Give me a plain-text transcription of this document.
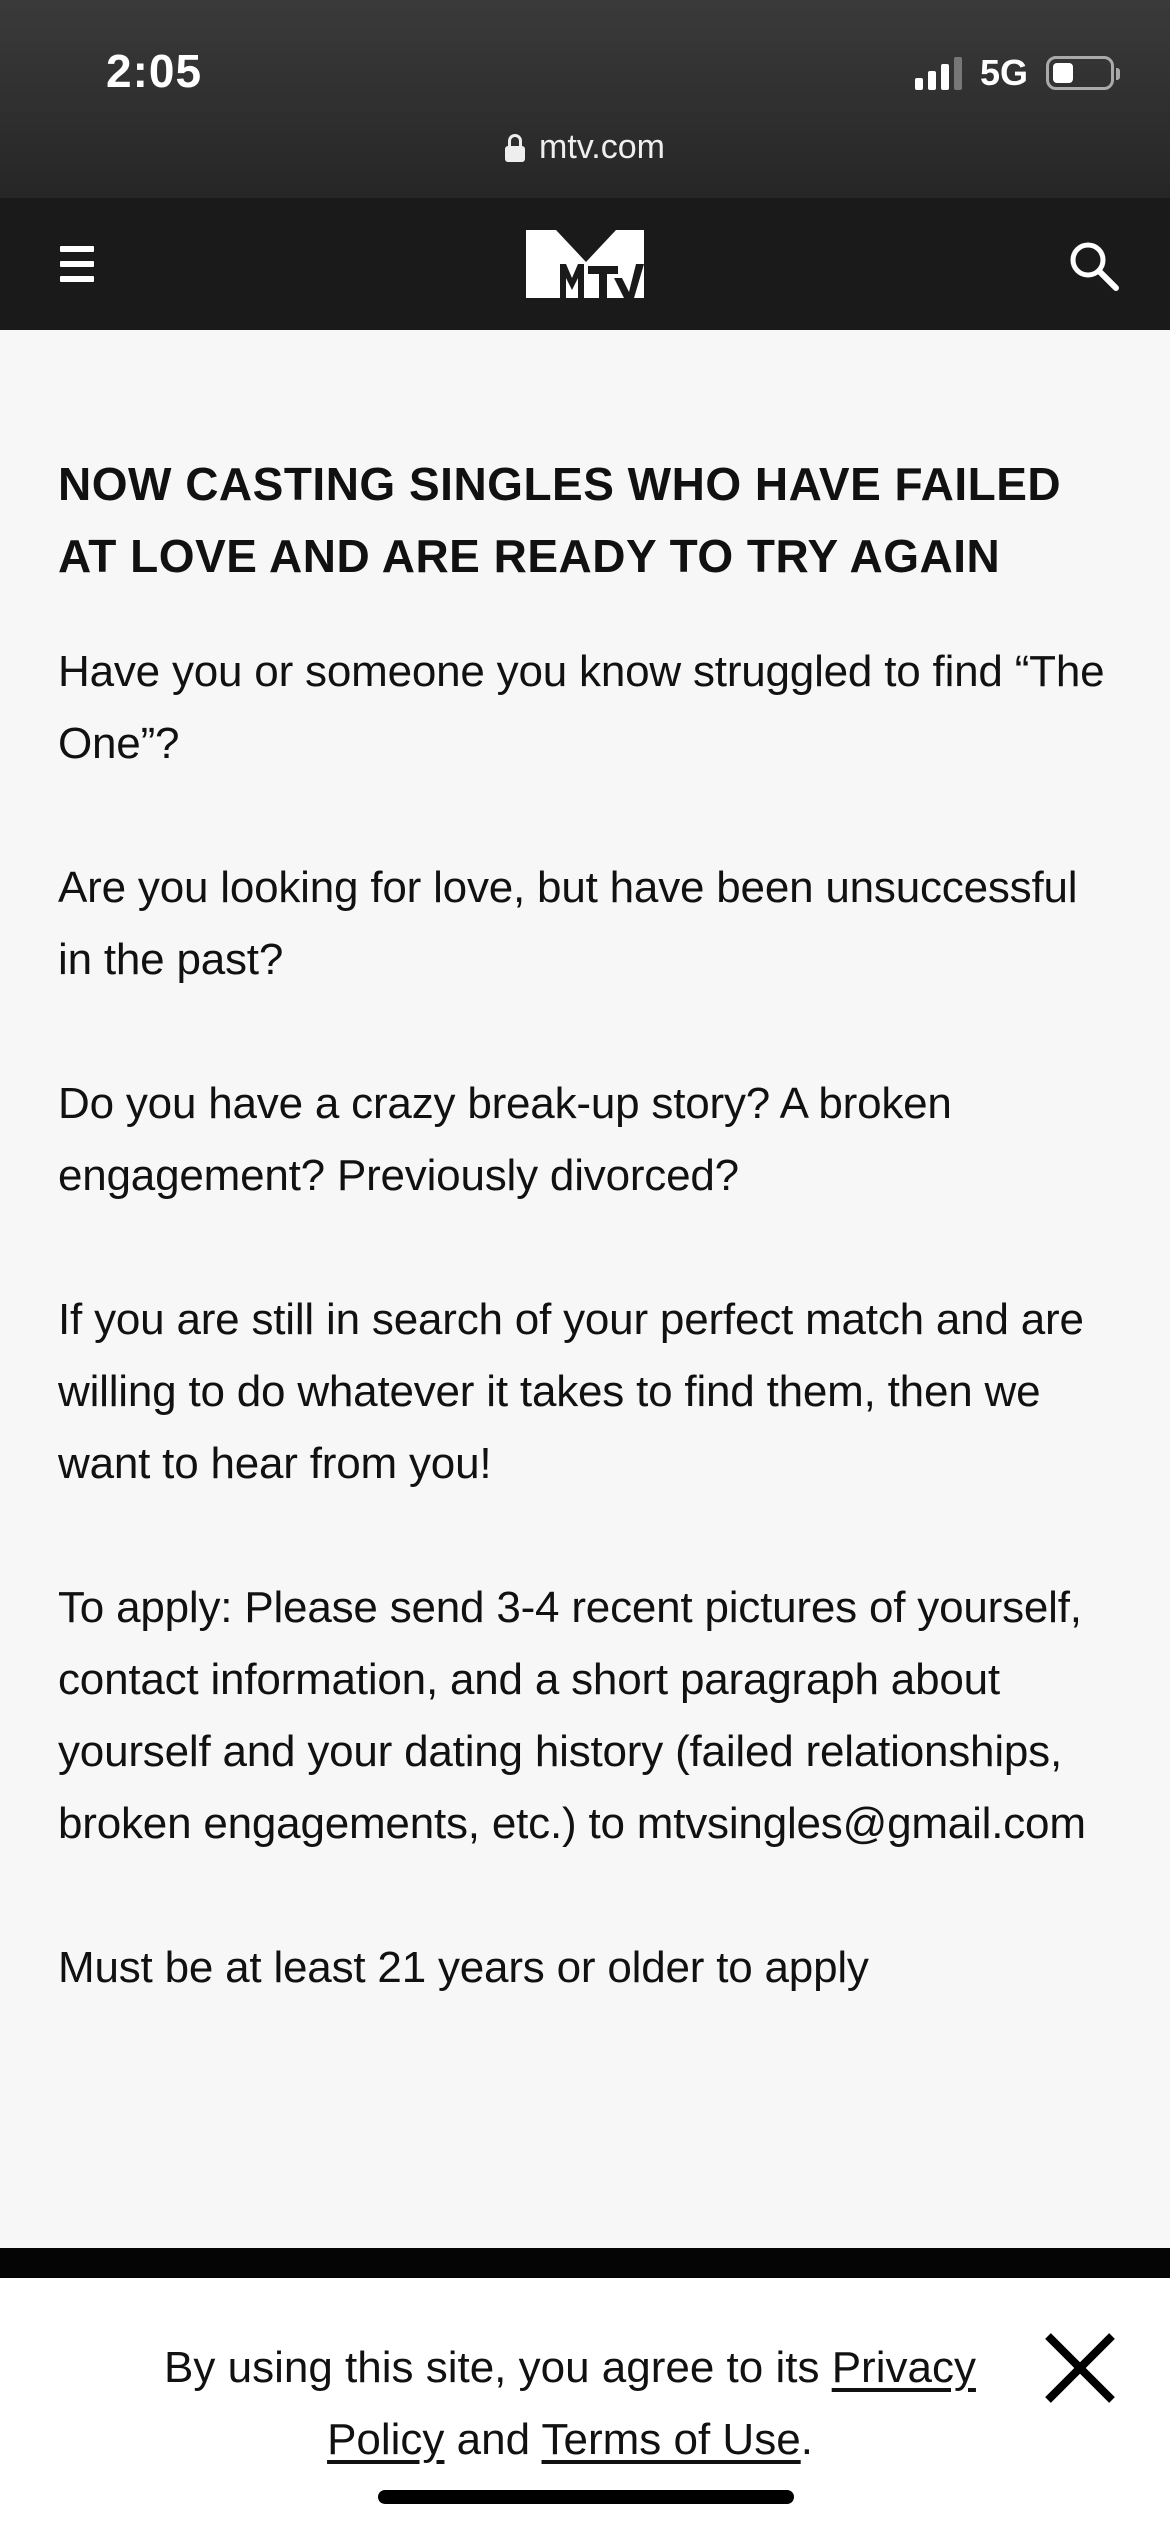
2:05	5G
mtv.com
NOW CASTING SINGLES WHO HAVE FAILED AT LOVE AND ARE READY TO TRY AGAIN

Have you or someone you know struggled to find “The One”?

Are you looking for love, but have been unsuccessful in the past?

Do you have a crazy break-up story? A broken engagement? Previously divorced?

If you are still in search of your perfect match and are willing to do whatever it takes to find them, then we want to hear from you!

To apply: Please send 3-4 recent pictures of yourself, contact information, and a short paragraph about yourself and your dating history (failed relationships, broken engagements, etc.) to mtvsingles@gmail.com

Must be at least 21 years or older to apply

By using this site, you agree to its Privacy Policy and Terms of Use.
